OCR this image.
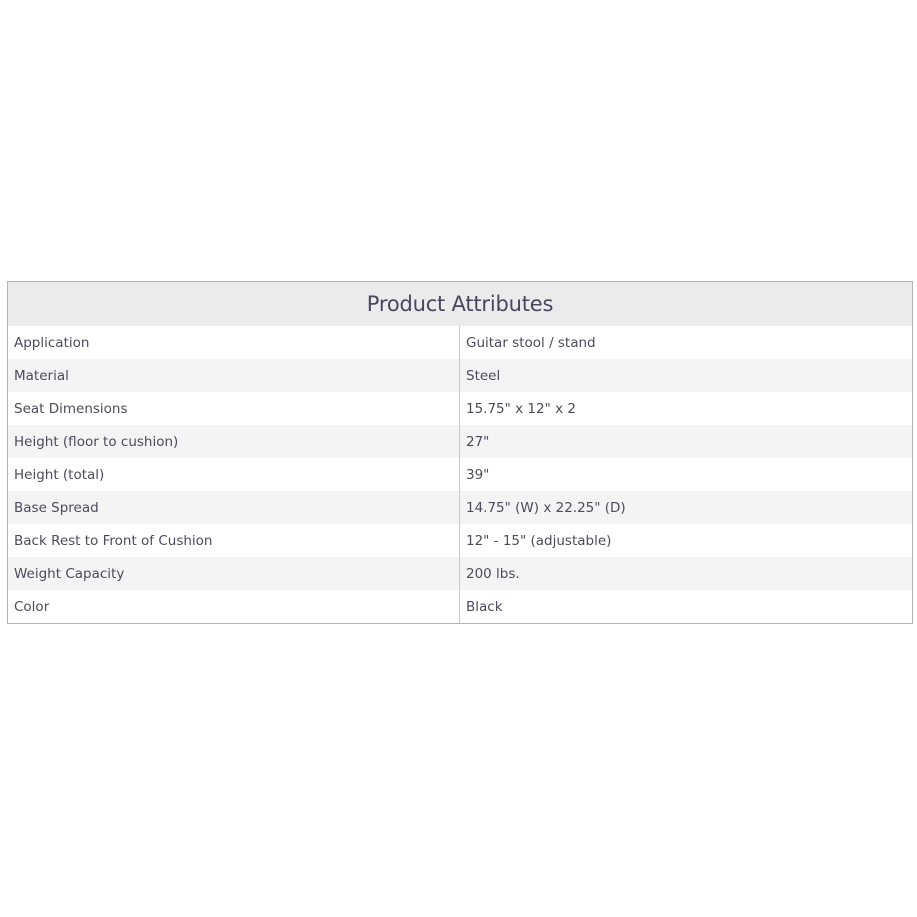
Product Attributes
Application	Guitar stool / stand
Material	Steel
Seat Dimensions	15.75" x 12" x 2
Height (floor to cushion)	27"
Height (total)	39"
Base Spread	14.75" (W) x 22.25" (D)
Back Rest to Front of Cushion	12" - 15" (adjustable)
Weight Capacity	200 lbs.
Color	Black
